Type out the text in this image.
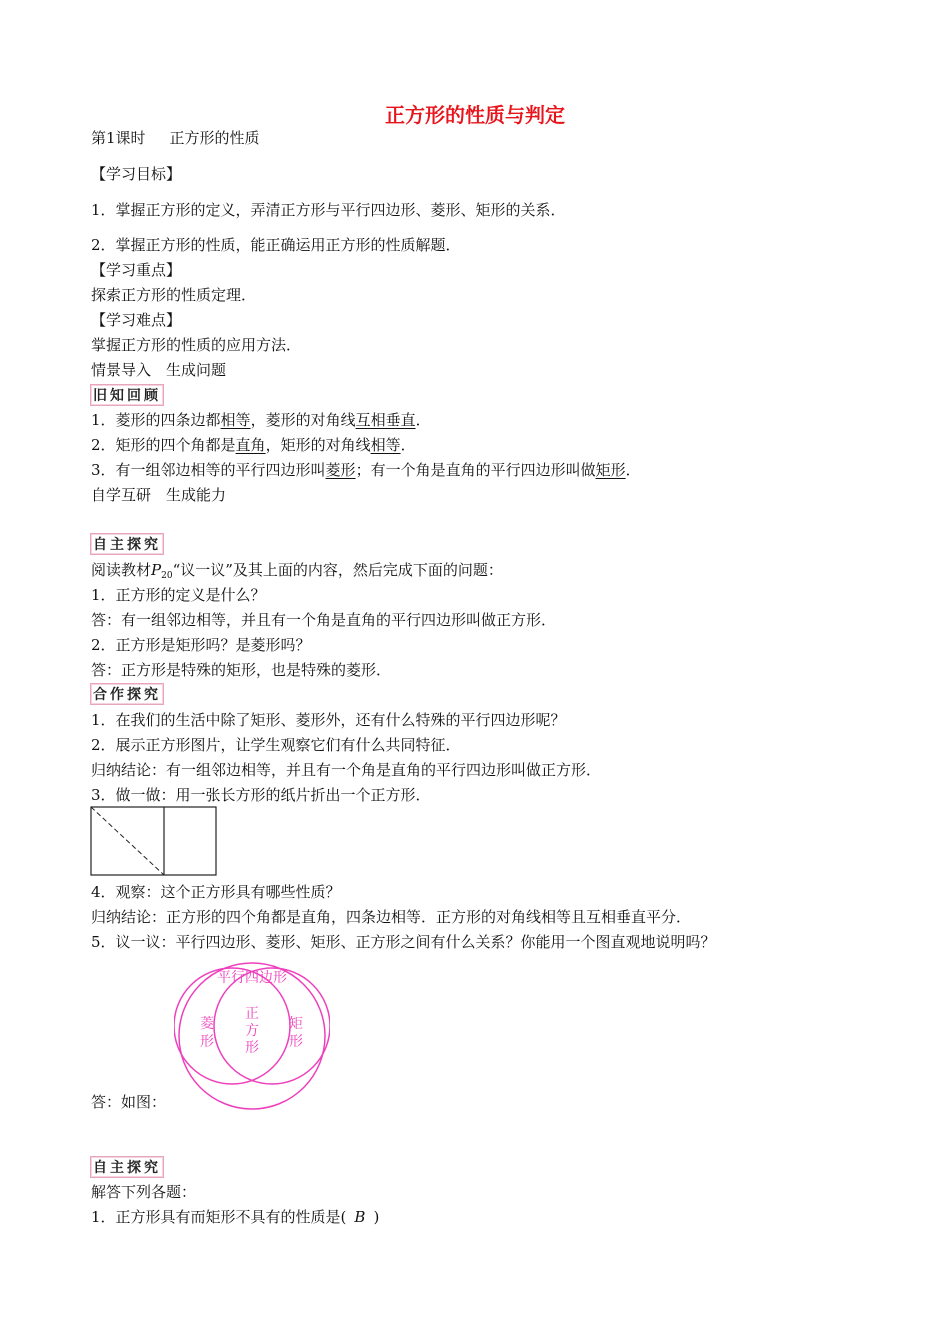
正方形的性质与判定
第1课时 正方形的性质
【学习目标】
1．掌握正方形的定义，弄清正方形与平行四边形、菱形、矩形的关系．
2．掌握正方形的性质，能正确运用正方形的性质解题．
【学习重点】
探索正方形的性质定理．
【学习难点】
掌握正方形的性质的应用方法．
情景导入　生成问题
旧知回顾
1．菱形的四条边都相等，菱形的对角线互相垂直．
2．矩形的四个角都是直角，矩形的对角线相等．
3．有一组邻边相等的平行四边形叫菱形；有一个角是直角的平行四边形叫做矩形．
自学互研　生成能力
自主探究
阅读教材$P_{20}“$议一议”及其上面的内容，然后完成下面的问题：
1．正方形的定义是什么？
答：有一组邻边相等，并且有一个角是直角的平行四边形叫做正方形．
2．正方形是矩形吗？是菱形吗？
答：正方形是特殊的矩形，也是特殊的菱形．
合作探究
1．在我们的生活中除了矩形、菱形外，还有什么特殊的平行四边形呢？
2．展示正方形图片，让学生观察它们有什么共同特征．
归纳结论：有一组邻边相等，并且有一个角是直角的平行四边形叫做正方形．
3．做一做：用一张长方形的纸片折出一个正方形．
4．观察：这个正方形具有哪些性质？
归纳结论：正方形的四个角都是直角，四条边相等．正方形的对角线相等且互相垂直平分．
5．议一议：平行四边形、菱形、矩形、正方形之间有什么关系？你能用一个图直观地说明吗？
平行四边形
菱
形
矩
形
正
方
形
答：如图：
自主探究
解答下列各题：
1．正方形具有而矩形不具有的性质是( B )
